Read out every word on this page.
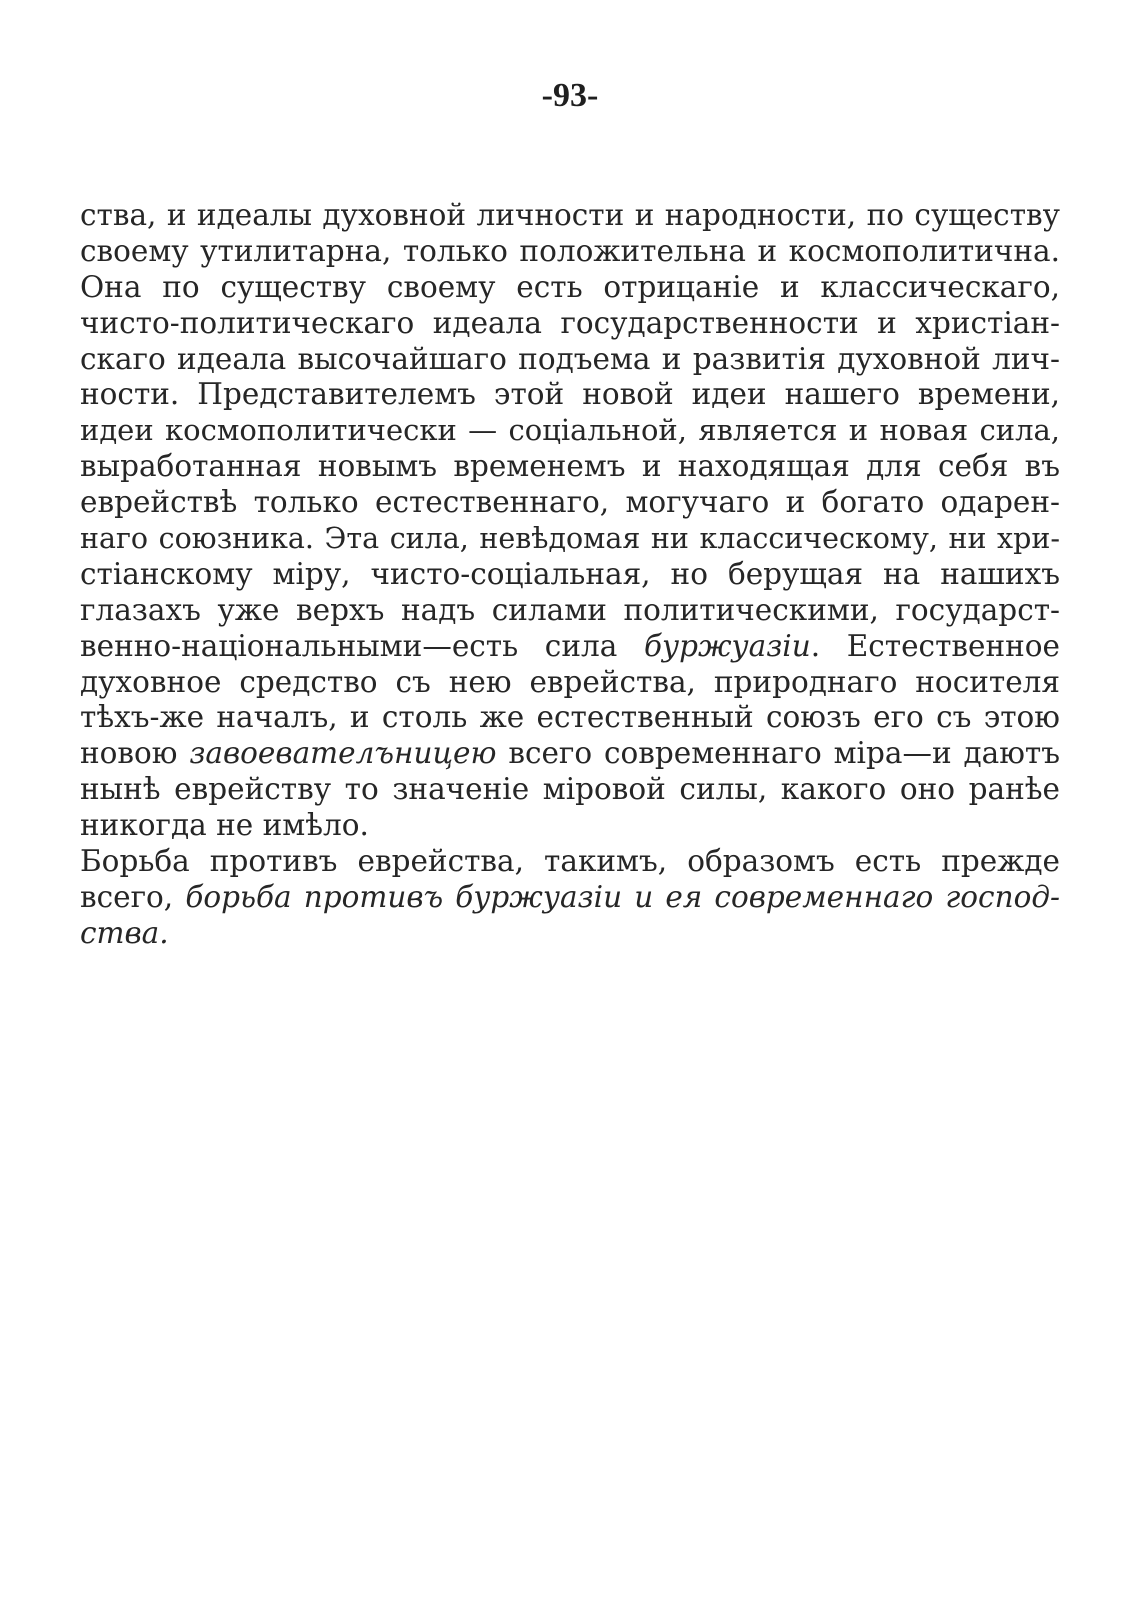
-93-
ства, и идеалы духовной личности и народности, по существу
своему утилитарна, только положительна и космополитична.
Она по существу своему есть отрицаніе и классическаго,
чисто-политическаго идеала государственности и христіан-
скаго идеала высочайшаго подъема и развитія духовной лич-
ности. Представителемъ этой новой идеи нашего времени,
идеи космополитически — соціальной, является и новая сила,
выработанная новымъ временемъ и находящая для себя въ
еврействѣ только естественнаго, могучаго и богато одарен-
наго союзника. Эта сила, невѣдомая ни классическому, ни хри-
стіанскому міру, чисто-соціальная, но берущая на нашихъ
глазахъ уже верхъ надъ силами политическими, государст-
венно-національными—есть сила буржуазіи. Естественное
духовное средство съ нею еврейства, природнаго носителя
тѣхъ-же началъ, и столь же естественный союзъ его съ этою
новою завоевателъницею всего современнаго міра—и даютъ
нынѣ еврейству то значеніе міровой силы, какого оно ранѣе
никогда не имѣло.
Борьба противъ еврейства, такимъ, образомъ есть прежде
всего, борьба противъ буржуазіи и ея современнаго господ-
ства.
